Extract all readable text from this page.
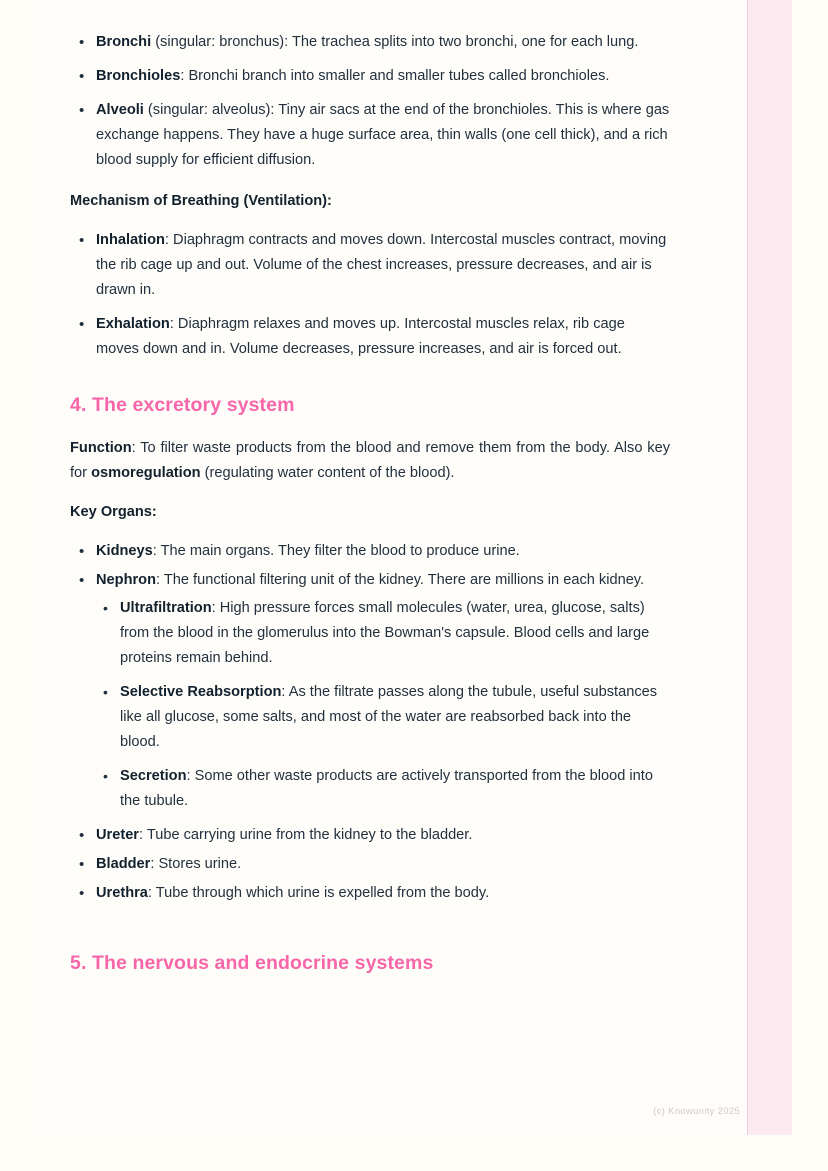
• Bronchi (singular: bronchus): The trachea splits into two bronchi, one for each lung.
• Bronchioles: Bronchi branch into smaller and smaller tubes called bronchioles.
• Alveoli (singular: alveolus): Tiny air sacs at the end of the bronchioles. This is where gas exchange happens. They have a huge surface area, thin walls (one cell thick), and a rich blood supply for efficient diffusion.

Mechanism of Breathing (Ventilation):

• Inhalation: Diaphragm contracts and moves down. Intercostal muscles contract, moving the rib cage up and out. Volume of the chest increases, pressure decreases, and air is drawn in.
• Exhalation: Diaphragm relaxes and moves up. Intercostal muscles relax, rib cage moves down and in. Volume decreases, pressure increases, and air is forced out.
4. The excretory system

Function: To filter waste products from the blood and remove them from the body. Also key for osmoregulation (regulating water content of the blood).

Key Organs:

• Kidneys: The main organs. They filter the blood to produce urine.
• Nephron: The functional filtering unit of the kidney. There are millions in each kidney.
• Ultrafiltration: High pressure forces small molecules (water, urea, glucose, salts) from the blood in the glomerulus into the Bowman's capsule. Blood cells and large proteins remain behind.
• Selective Reabsorption: As the filtrate passes along the tubule, useful substances like all glucose, some salts, and most of the water are reabsorbed back into the blood.
• Secretion: Some other waste products are actively transported from the blood into the tubule.
• Ureter: Tube carrying urine from the kidney to the bladder.
• Bladder: Stores urine.
• Urethra: Tube through which urine is expelled from the body.
5. The nervous and endocrine systems
(c) Knowunity 2025
